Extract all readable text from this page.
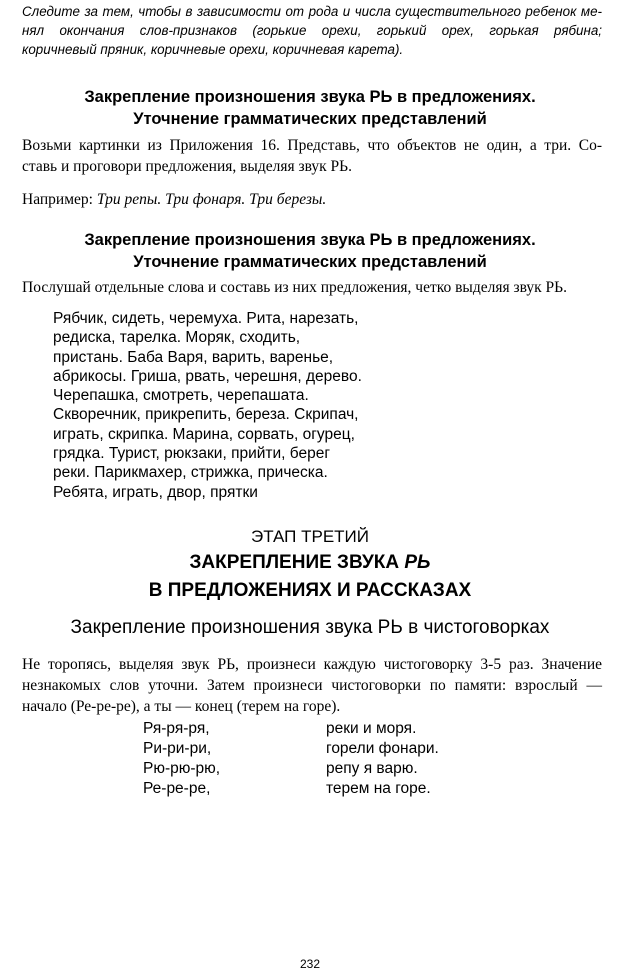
Следите за тем, чтобы в зависимости от рода и числа существительного ребенок ме-
нял окончания слов-признаков (горькие орехи, горький орех, горькая рябина;
коричневый пряник, коричневые орехи, коричневая карета).
Закрепление произношения звука РЬ в предложениях.
Уточнение грамматических представлений
Возьми картинки из Приложения 16. Представь, что объектов не один, а три. Со-
ставь и проговори предложения, выделяя звук РЬ.
Например: Три репы. Три фонаря. Три березы.
Закрепление произношения звука РЬ в предложениях.
Уточнение грамматических представлений
Послушай отдельные слова и составь из них предложения, четко выделяя звук РЬ.
Рябчик, сидеть, черемуха. Рита, нарезать,
редиска, тарелка. Моряк, сходить,
пристань. Баба Варя, варить, варенье,
абрикосы. Гриша, рвать, черешня, дерево.
Черепашка, смотреть, черепашата.
Скворечник, прикрепить, береза. Скрипач,
играть, скрипка. Марина, сорвать, огурец,
грядка. Турист, рюкзаки, прийти, берег
реки. Парикмахер, стрижка, прическа.
Ребята, играть, двор, прятки
ЭТАП ТРЕТИЙ
ЗАКРЕПЛЕНИЕ ЗВУКА РЬ
В ПРЕДЛОЖЕНИЯХ И РАССКАЗАХ
Закрепление произношения звука РЬ в чистоговорках
Не торопясь, выделяя звук РЬ, произнеси каждую чистоговорку 3-5 раз. Значение
незнакомых слов уточни. Затем произнеси чистоговорки по памяти: взрослый —
начало (Ре-ре-ре), а ты — конец (терем на горе).
Ря-ря-ря,
Ри-ри-ри,
Рю-рю-рю,
Ре-ре-ре,
реки и моря.
горели фонари.
репу я варю.
терем на горе.
232
